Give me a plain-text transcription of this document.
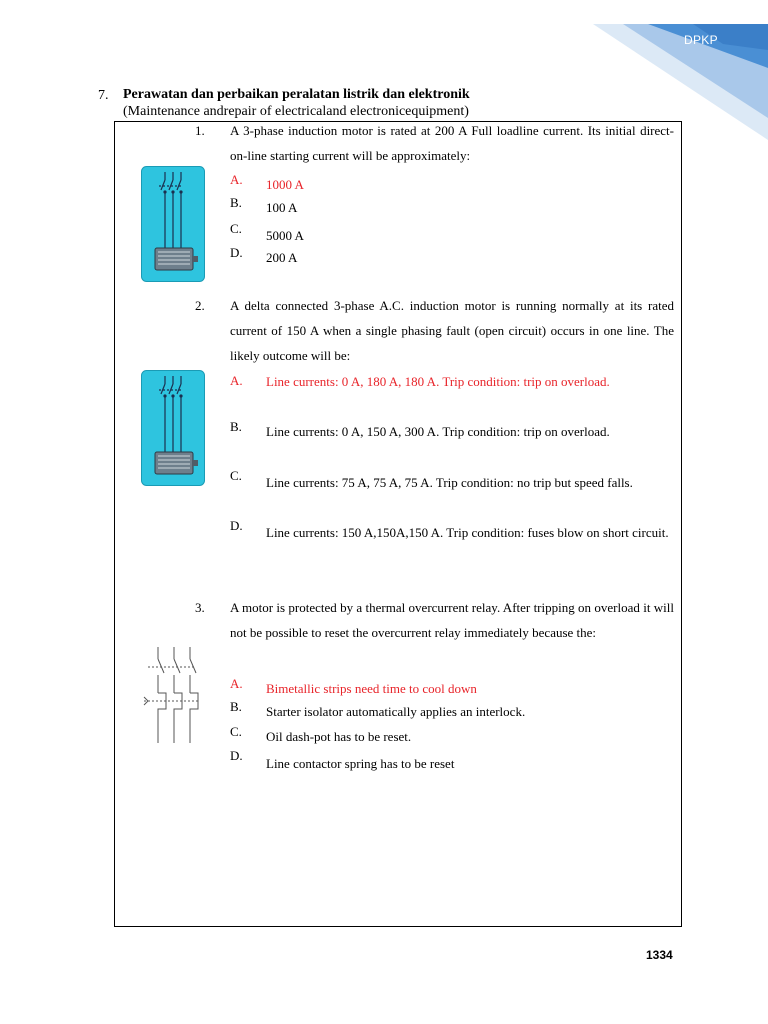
DPKP
7. Perawatan dan perbaikan peralatan listrik dan elektronik
(Maintenance andrepair of electricaland electronicequipment)
1. A 3-phase induction motor is rated at 200 A Full loadline current. Its initial direct- on-line starting current will be approximately:
A. 1000 A
B. 100 A
C. 5000 A
D. 200 A
2. A delta connected 3-phase A.C. induction motor is running normally at its rated current of 150 A when a single phasing fault (open circuit) occurs in one line. The likely outcome will be:
A. Line currents: 0 A, 180 A, 180 A. Trip condition: trip on overload.
B. Line currents: 0 A, 150 A, 300 A. Trip condition: trip on overload.
C. Line currents: 75 A, 75 A, 75 A. Trip condition: no trip but speed falls.
D. Line currents: 150 A,150A,150 A. Trip condition: fuses blow on short circuit.
3. A motor is protected by a thermal overcurrent relay. After tripping on overload it will not be possible to reset the overcurrent relay immediately because the:
A. Bimetallic strips need time to cool down
B. Starter isolator automatically applies an interlock.
C. Oil dash-pot has to be reset.
D.
Line contactor spring has to be reset
1334
